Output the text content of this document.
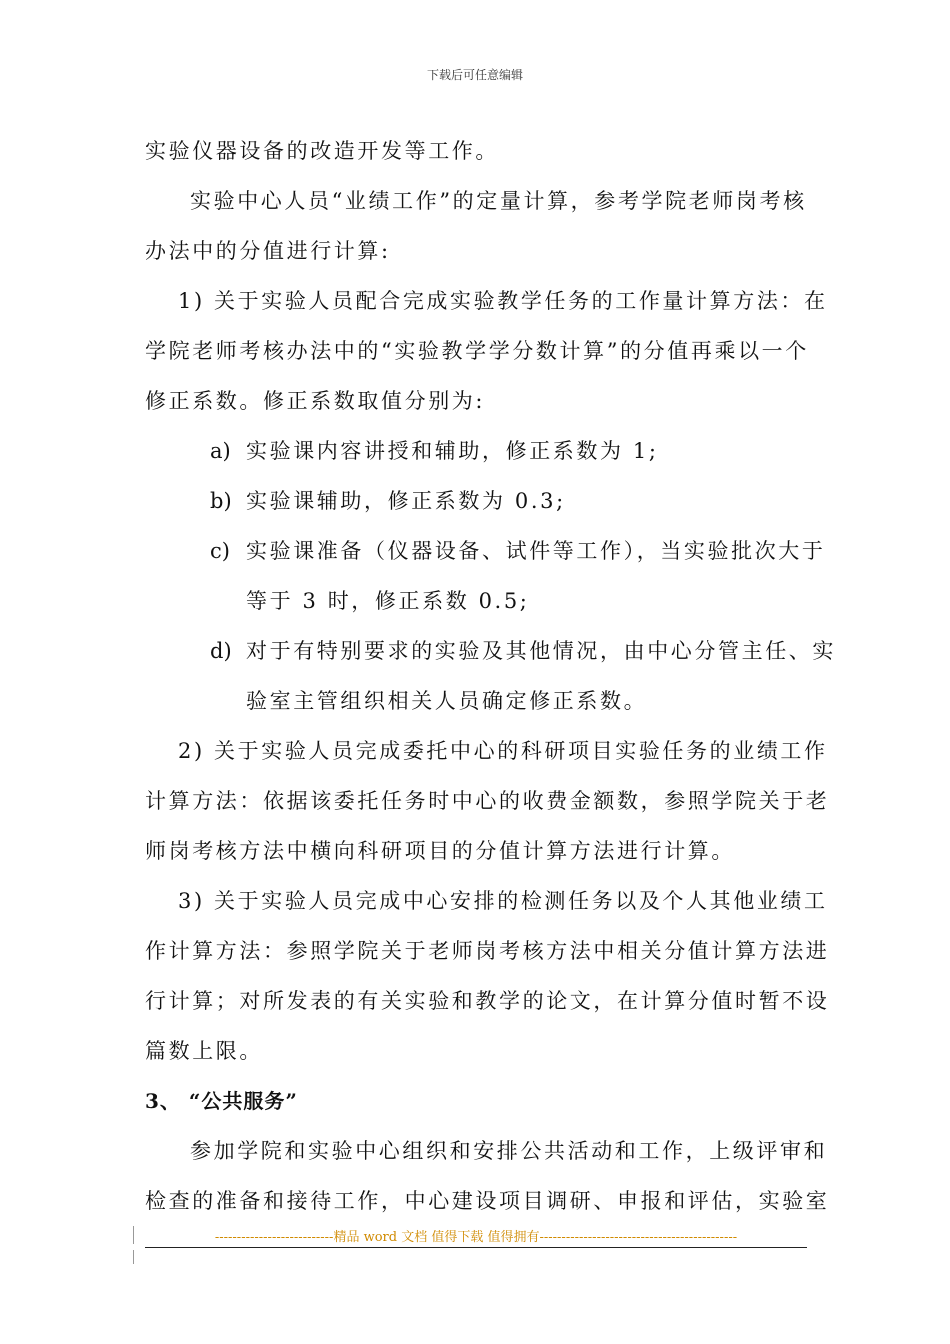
下载后可任意编辑
实验仪器设备的改造开发等工作。
实验中心人员“业绩工作”的定量计算，参考学院老师岗考核
办法中的分值进行计算:
1) 关于实验人员配合完成实验教学任务的工作量计算方法：在
学院老师考核办法中的“实验教学学分数计算”的分值再乘以一个
修正系数。修正系数取值分别为:
a) 实验课内容讲授和辅助，修正系数为 1;
b) 实验课辅助，修正系数为 0.3;
c) 实验课准备（仪器设备、试件等工作），当实验批次大于
等于 3 时，修正系数 0.5;
d) 对于有特别要求的实验及其他情况，由中心分管主任、实
验室主管组织相关人员确定修正系数。
2) 关于实验人员完成委托中心的科研项目实验任务的业绩工作
计算方法：依据该委托任务时中心的收费金额数，参照学院关于老
师岗考核方法中横向科研项目的分值计算方法进行计算。
3) 关于实验人员完成中心安排的检测任务以及个人其他业绩工
作计算方法：参照学院关于老师岗考核方法中相关分值计算方法进
行计算；对所发表的有关实验和教学的论文，在计算分值时暂不设
篇数上限。
3、 “公共服务”
参加学院和实验中心组织和安排公共活动和工作，上级评审和
检查的准备和接待工作，中心建设项目调研、申报和评估，实验室
---------------------------精品 word 文档 值得下载 值得拥有---------------------------------------------
